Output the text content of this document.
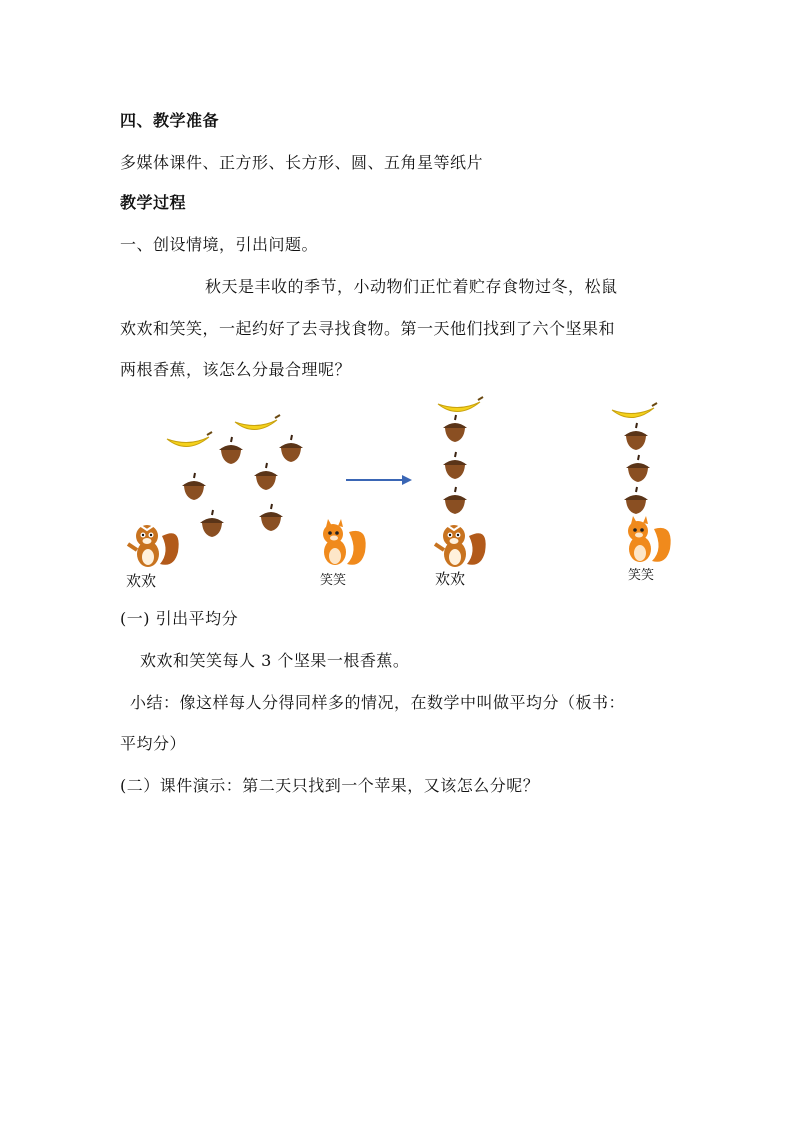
四、教学准备
多媒体课件、正方形、长方形、圆、五角星等纸片
教学过程
一、创设情境，引出问题。
秋天是丰收的季节，小动物们正忙着贮存食物过冬，松鼠
欢欢和笑笑，一起约好了去寻找食物。第一天他们找到了六个坚果和
两根香蕉，该怎么分最合理呢？
欢欢	笑笑	欢欢	笑笑
(一) 引出平均分
欢欢和笑笑每人 3 个坚果一根香蕉。
小结：像这样每人分得同样多的情况，在数学中叫做平均分（板书：
平均分）
(二）课件演示：第二天只找到一个苹果，又该怎么分呢？
